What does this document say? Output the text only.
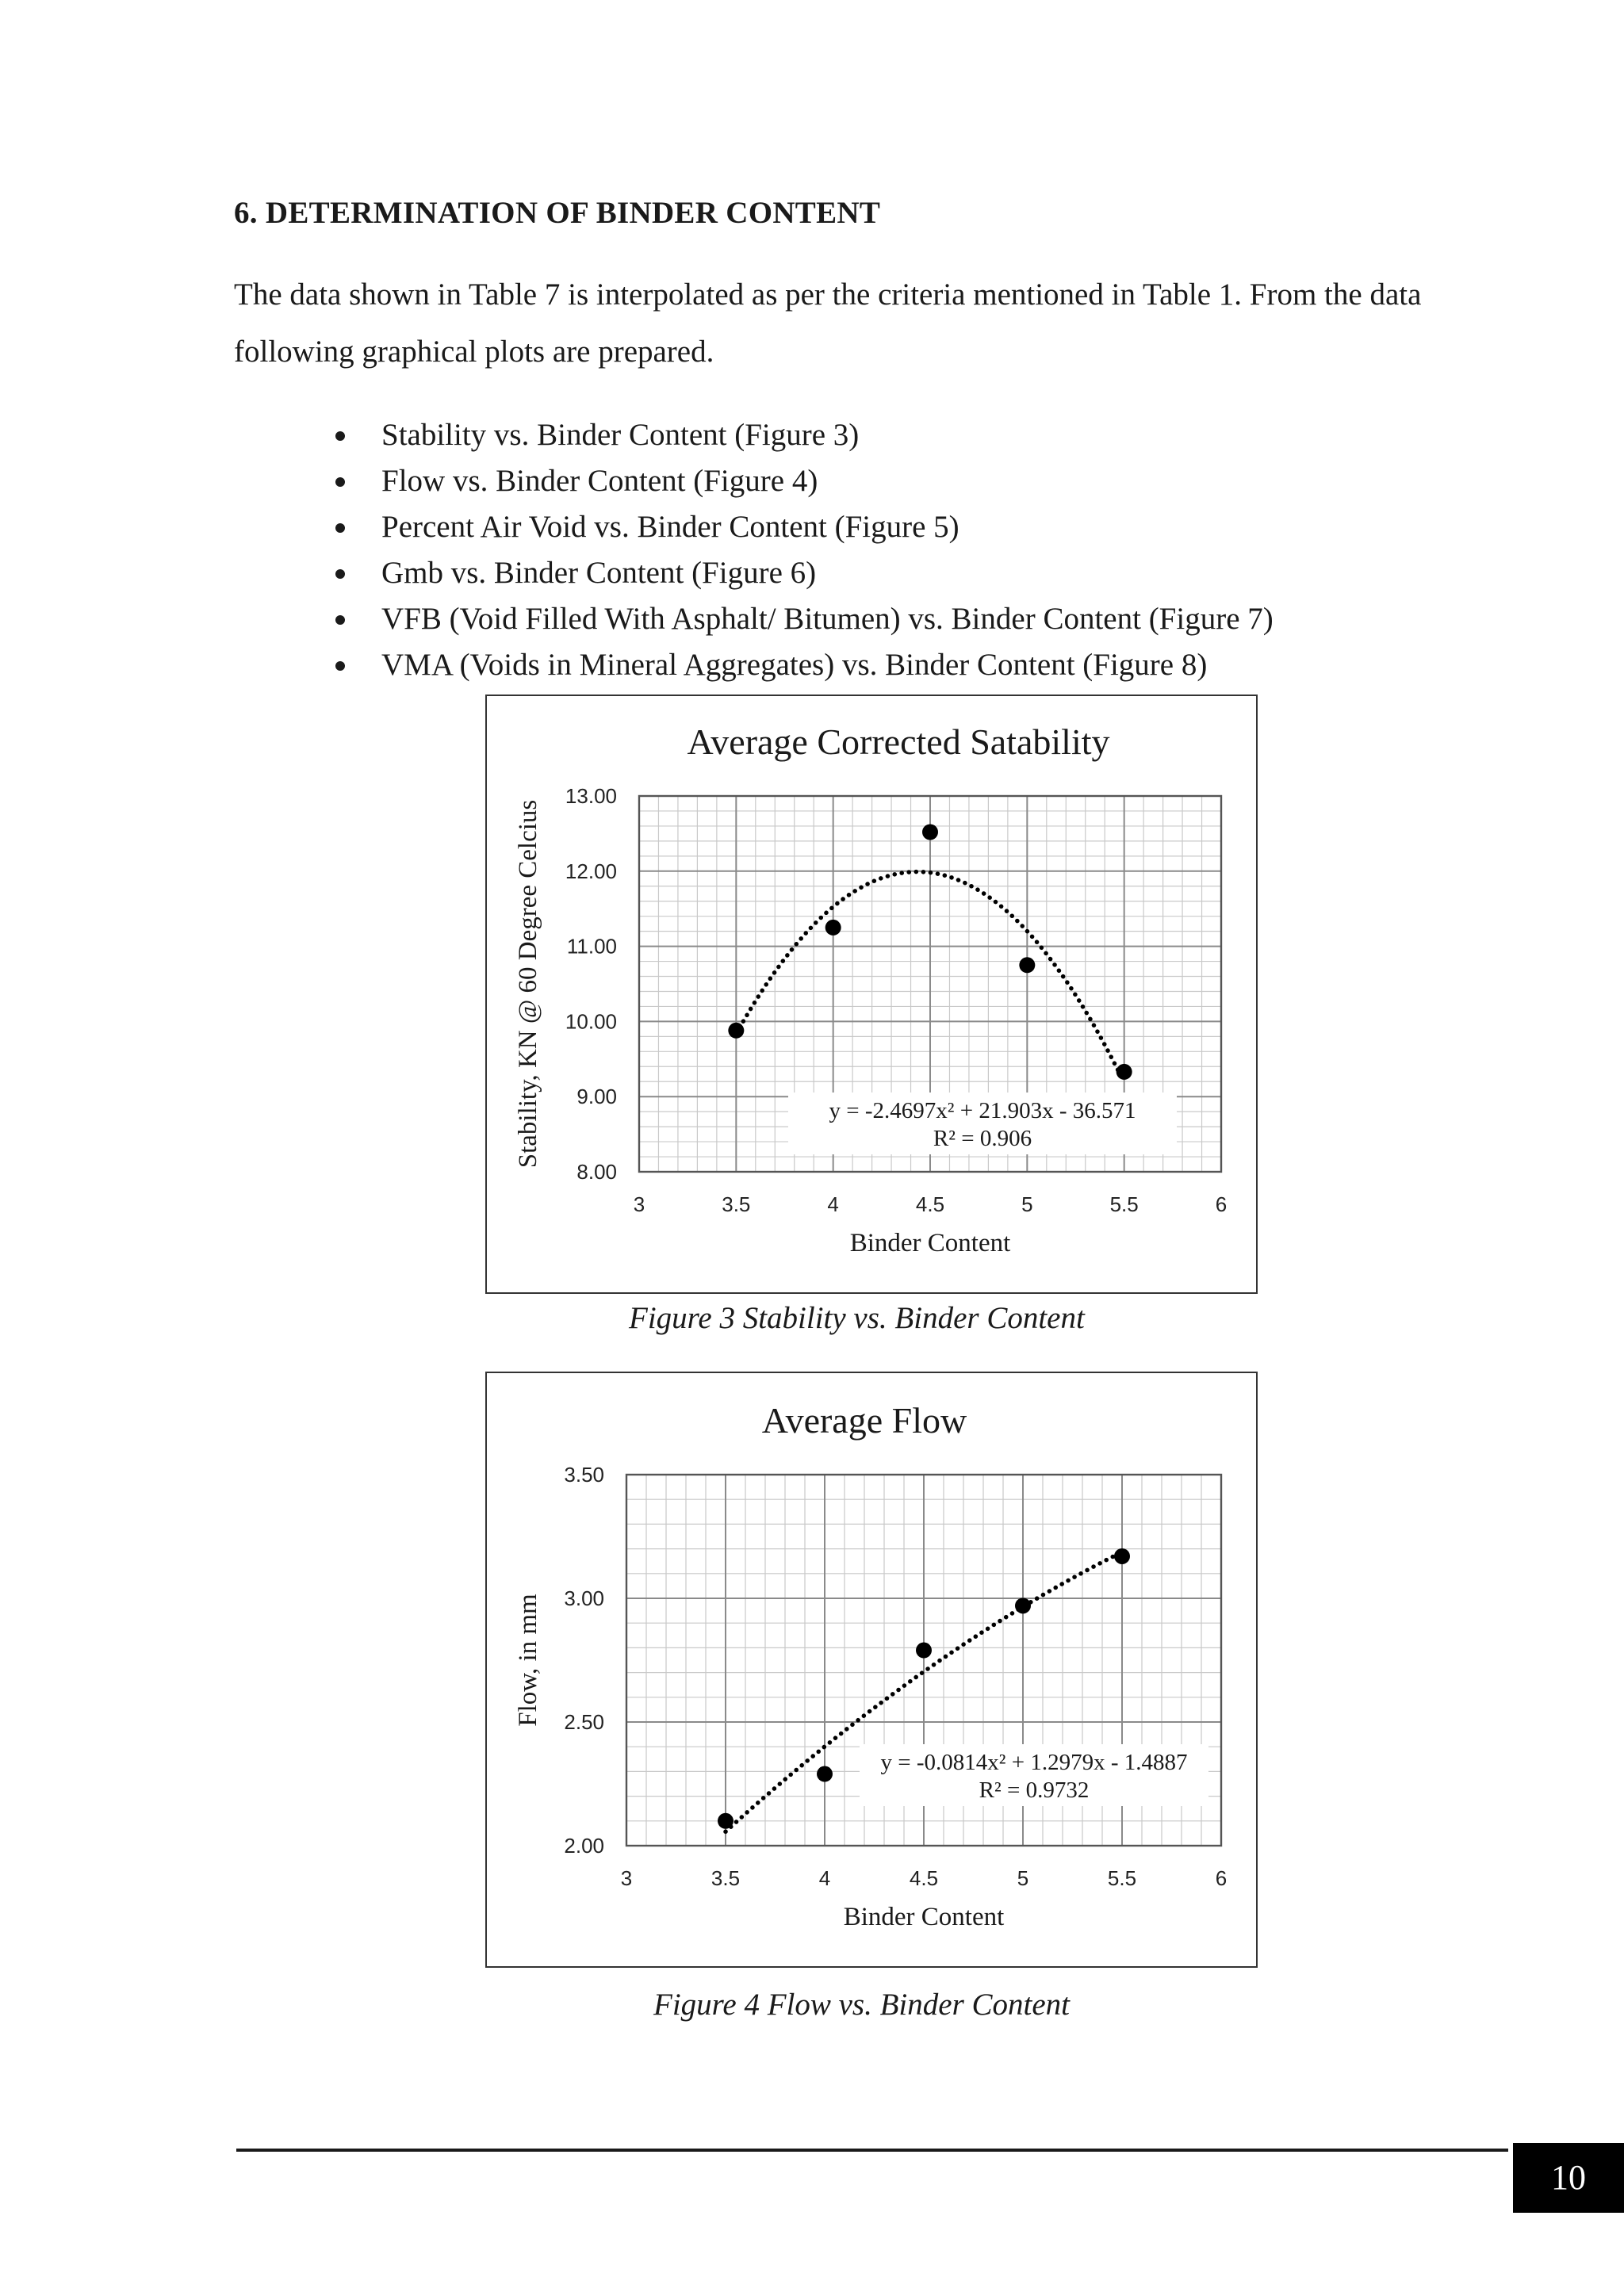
6. DETERMINATION OF BINDER CONTENT
The data shown in Table 7 is interpolated as per the criteria mentioned in Table 1. From the data
following graphical plots are prepared.
Stability vs. Binder Content (Figure 3)
Flow vs. Binder Content (Figure 4)
Percent Air Void vs. Binder Content (Figure 5)
Gmb vs. Binder Content (Figure 6)
VFB (Void Filled With Asphalt/ Bitumen) vs. Binder Content (Figure 7)
VMA (Voids in Mineral Aggregates) vs. Binder Content (Figure 8)
Average Corrected Satability
8.00
9.00
10.00
11.00
12.00
13.00
3	3.5	4	4.5	5	5.5	6
Binder Content
Stability, KN @ 60 Degree Celcius	y = -2.4697x² + 21.903x - 36.571
R² = 0.906
Figure 3 Stability vs. Binder Content
Average Flow
2.00
2.50
3.00
3.50
3	3.5	4	4.5	5	5.5	6
Binder Content
Flow, in mm
y = -0.0814x² + 1.2979x - 1.4887
R² = 0.9732
Figure 4 Flow vs. Binder Content
10
